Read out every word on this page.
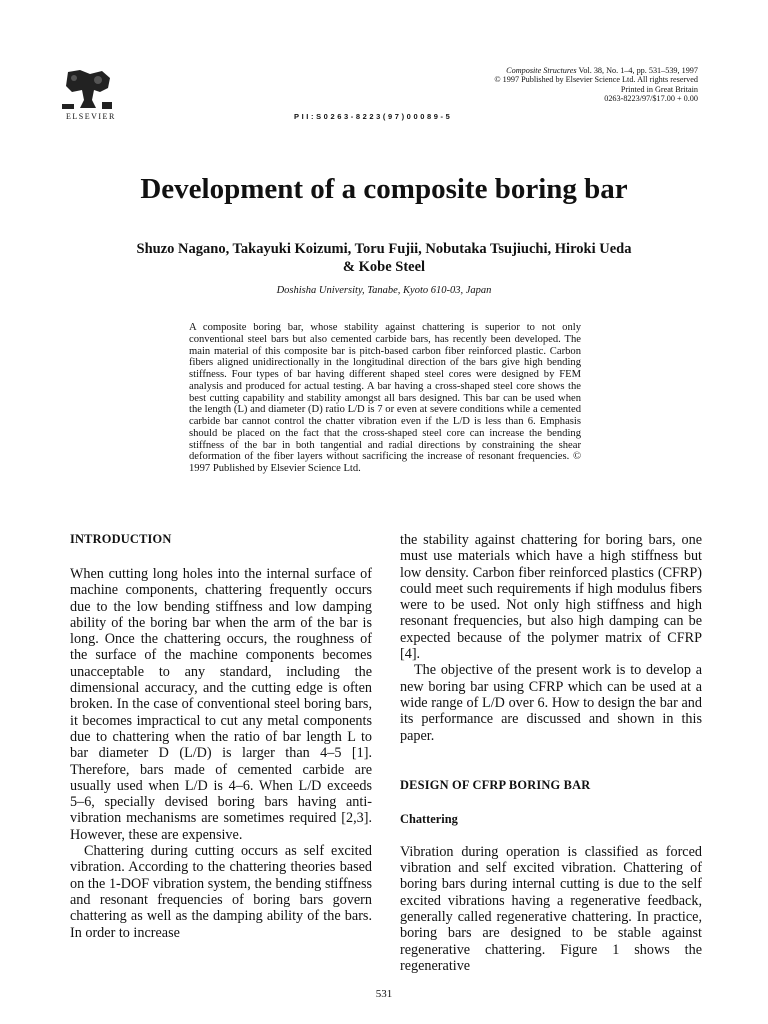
ELSEVIER
Composite Structures Vol. 38, No. 1–4, pp. 531–539, 1997
© 1997 Published by Elsevier Science Ltd. All rights reserved
Printed in Great Britain
0263-8223/97/$17.00 + 0.00
PII:S0263-8223(97)00089-5
Development of a composite boring bar
Shuzo Nagano, Takayuki Koizumi, Toru Fujii, Nobutaka Tsujiuchi, Hiroki Ueda
& Kobe Steel
Doshisha University, Tanabe, Kyoto 610-03, Japan

A composite boring bar, whose stability against chattering is superior to not only conventional steel bars but also cemented carbide bars, has recently been developed. The main material of this composite bar is pitch-based carbon fiber reinforced plastic. Carbon fibers aligned unidirectionally in the longitudinal direction of the bars give high bending stiffness. Four types of bar having different shaped steel cores were designed by FEM analysis and produced for actual testing. A bar having a cross-shaped steel core shows the best cutting capability and stability amongst all bars designed. This bar can be used when the length (L) and diameter (D) ratio L/D is 7 or even at severe conditions while a cemented carbide bar cannot control the chatter vibration even if the L/D is less than 6. Emphasis should be placed on the fact that the cross-shaped steel core can increase the bending stiffness of the bar in both tangential and radial directions by constraining the shear deformation of the fiber layers without sacrificing the increase of resonant frequencies. © 1997 Published by Elsevier Science Ltd.

INTRODUCTION

When cutting long holes into the internal surface of machine components, chattering frequently occurs due to the low bending stiffness and low damping ability of the boring bar when the arm of the bar is long. Once the chattering occurs, the roughness of the surface of the machine components becomes unacceptable to any standard, including the dimensional accuracy, and the cutting edge is often broken. In the case of conventional steel boring bars, it becomes impractical to cut any metal components due to chattering when the ratio of bar length L to bar diameter D (L/D) is larger than 4–5 [1]. Therefore, bars made of cemented carbide are usually used when L/D is 4–6. When L/D exceeds 5–6, specially devised boring bars having anti-vibration mechanisms are sometimes required [2,3]. However, these are expensive.

Chattering during cutting occurs as self excited vibration. According to the chattering theories based on the 1-DOF vibration system, the bending stiffness and resonant frequencies of boring bars govern chattering as well as the damping ability of the bars. In order to increase

the stability against chattering for boring bars, one must use materials which have a high stiffness but low density. Carbon fiber reinforced plastics (CFRP) could meet such requirements if high modulus fibers were to be used. Not only high stiffness and high resonant frequencies, but also high damping can be expected because of the polymer matrix of CFRP [4].

The objective of the present work is to develop a new boring bar using CFRP which can be used at a wide range of L/D over 6. How to design the bar and its performance are discussed and shown in this paper.

DESIGN OF CFRP BORING BAR
Chattering

Vibration during operation is classified as forced vibration and self excited vibration. Chattering of boring bars during internal cutting is due to the self excited vibrations having a regenerative feedback, generally called regenerative chattering. In practice, boring bars are designed to be stable against regenerative chattering. Figure 1 shows the regenerative

531
